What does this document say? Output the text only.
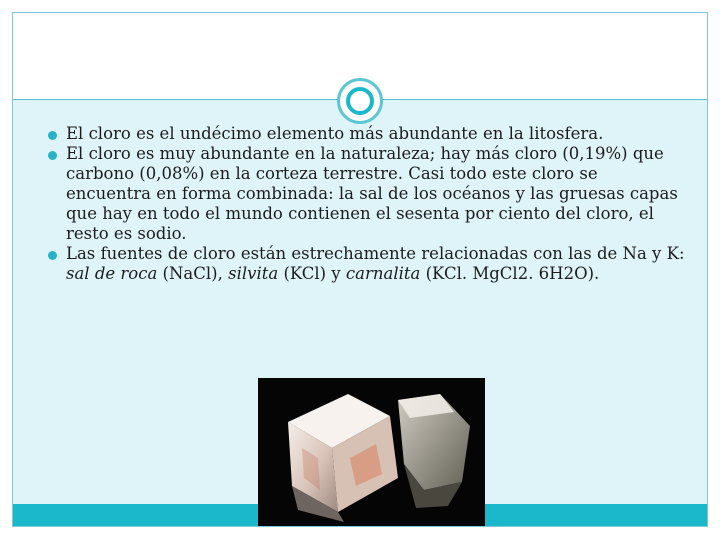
El cloro es el undécimo elemento más abundante en la litosfera.
El cloro es muy abundante en la naturaleza; hay más cloro (0,19%) que carbono (0,08%) en la corteza terrestre. Casi todo este cloro se encuentra en forma combinada: la sal de los océanos y las gruesas capas que hay en todo el mundo contienen el sesenta por ciento del cloro, el resto es sodio.
Las fuentes de cloro están estrechamente relacionadas con las de Na y K: sal de roca (NaCl), silvita (KCl) y carnalita (KCl. MgCl2. 6H2O).
